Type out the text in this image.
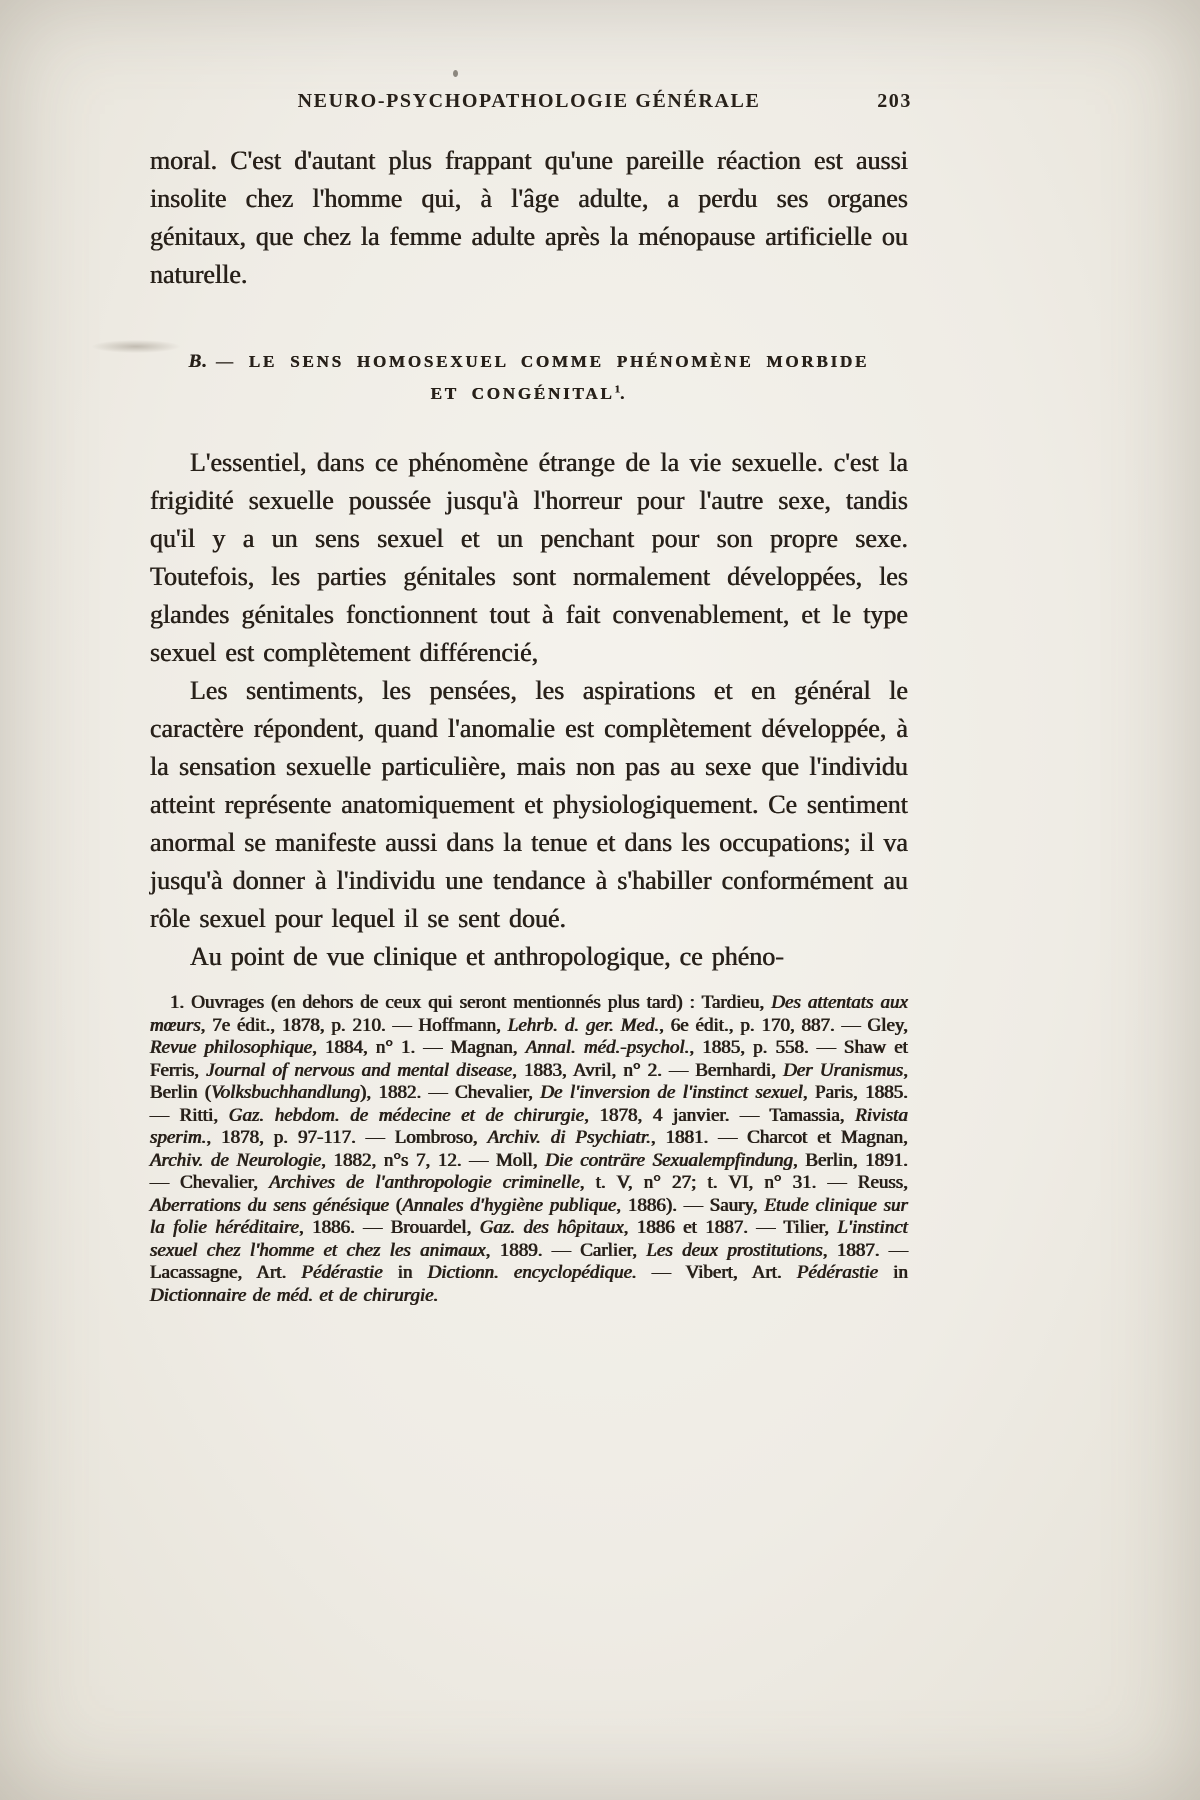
NEURO-PSYCHOPATHOLOGIE GÉNÉRALE	203

moral. C'est d'autant plus frappant qu'une pareille réaction est aussi insolite chez l'homme qui, à l'âge adulte, a perdu ses organes génitaux, que chez la femme adulte après la ménopause artificielle ou naturelle.

B. — LE SENS HOMOSEXUEL COMME PHÉNOMÈNE MORBIDE
ET CONGÉNITAL$^1$.

L'essentiel, dans ce phénomène étrange de la vie sexuelle. c'est la frigidité sexuelle poussée jusqu'à l'horreur pour l'autre sexe, tandis qu'il y a un sens sexuel et un penchant pour son propre sexe. Toutefois, les parties génitales sont normalement développées, les glandes génitales fonctionnent tout à fait convenablement, et le type sexuel est complètement différencié,

Les sentiments, les pensées, les aspirations et en général le caractère répondent, quand l'anomalie est complètement développée, à la sensation sexuelle particulière, mais non pas au sexe que l'individu atteint représente anatomiquement et physiologiquement. Ce sentiment anormal se manifeste aussi dans la tenue et dans les occupations; il va jusqu'à donner à l'individu une tendance à s'habiller conformément au rôle sexuel pour lequel il se sent doué.

Au point de vue clinique et anthropologique, ce phéno-

1. Ouvrages (en dehors de ceux qui seront mentionnés plus tard) : Tardieu, Des attentats aux mœurs, 7e édit., 1878, p. 210. — Hoffmann, Lehrb. d. ger. Med., 6e édit., p. 170, 887. — Gley, Revue philosophique, 1884, n° 1. — Magnan, Annal. méd.-psychol., 1885, p. 558. — Shaw et Ferris, Journal of nervous and mental disease, 1883, Avril, n° 2. — Bernhardi, Der Uranismus, Berlin (Volksbuchhandlung), 1882. — Chevalier, De l'inversion de l'instinct sexuel, Paris, 1885. — Ritti, Gaz. hebdom. de médecine et de chirurgie, 1878, 4 janvier. — Tamassia, Rivista sperim., 1878, p. 97-117. — Lombroso, Archiv. di Psychiatr., 1881. — Charcot et Magnan, Archiv. de Neurologie, 1882, n°s 7, 12. — Moll, Die conträre Sexualempfindung, Berlin, 1891. — Chevalier, Archives de l'anthropologie criminelle, t. V, n° 27; t. VI, n° 31. — Reuss, Aberrations du sens génésique (Annales d'hygiène publique, 1886). — Saury, Etude clinique sur la folie héréditaire, 1886. — Brouardel, Gaz. des hôpitaux, 1886 et 1887. — Tilier, L'instinct sexuel chez l'homme et chez les animaux, 1889. — Carlier, Les deux prostitutions, 1887. — Lacassagne, Art. Pédérastie in Dictionn. encyclopédique. — Vibert, Art. Pédérastie in Dictionnaire de méd. et de chirurgie.
